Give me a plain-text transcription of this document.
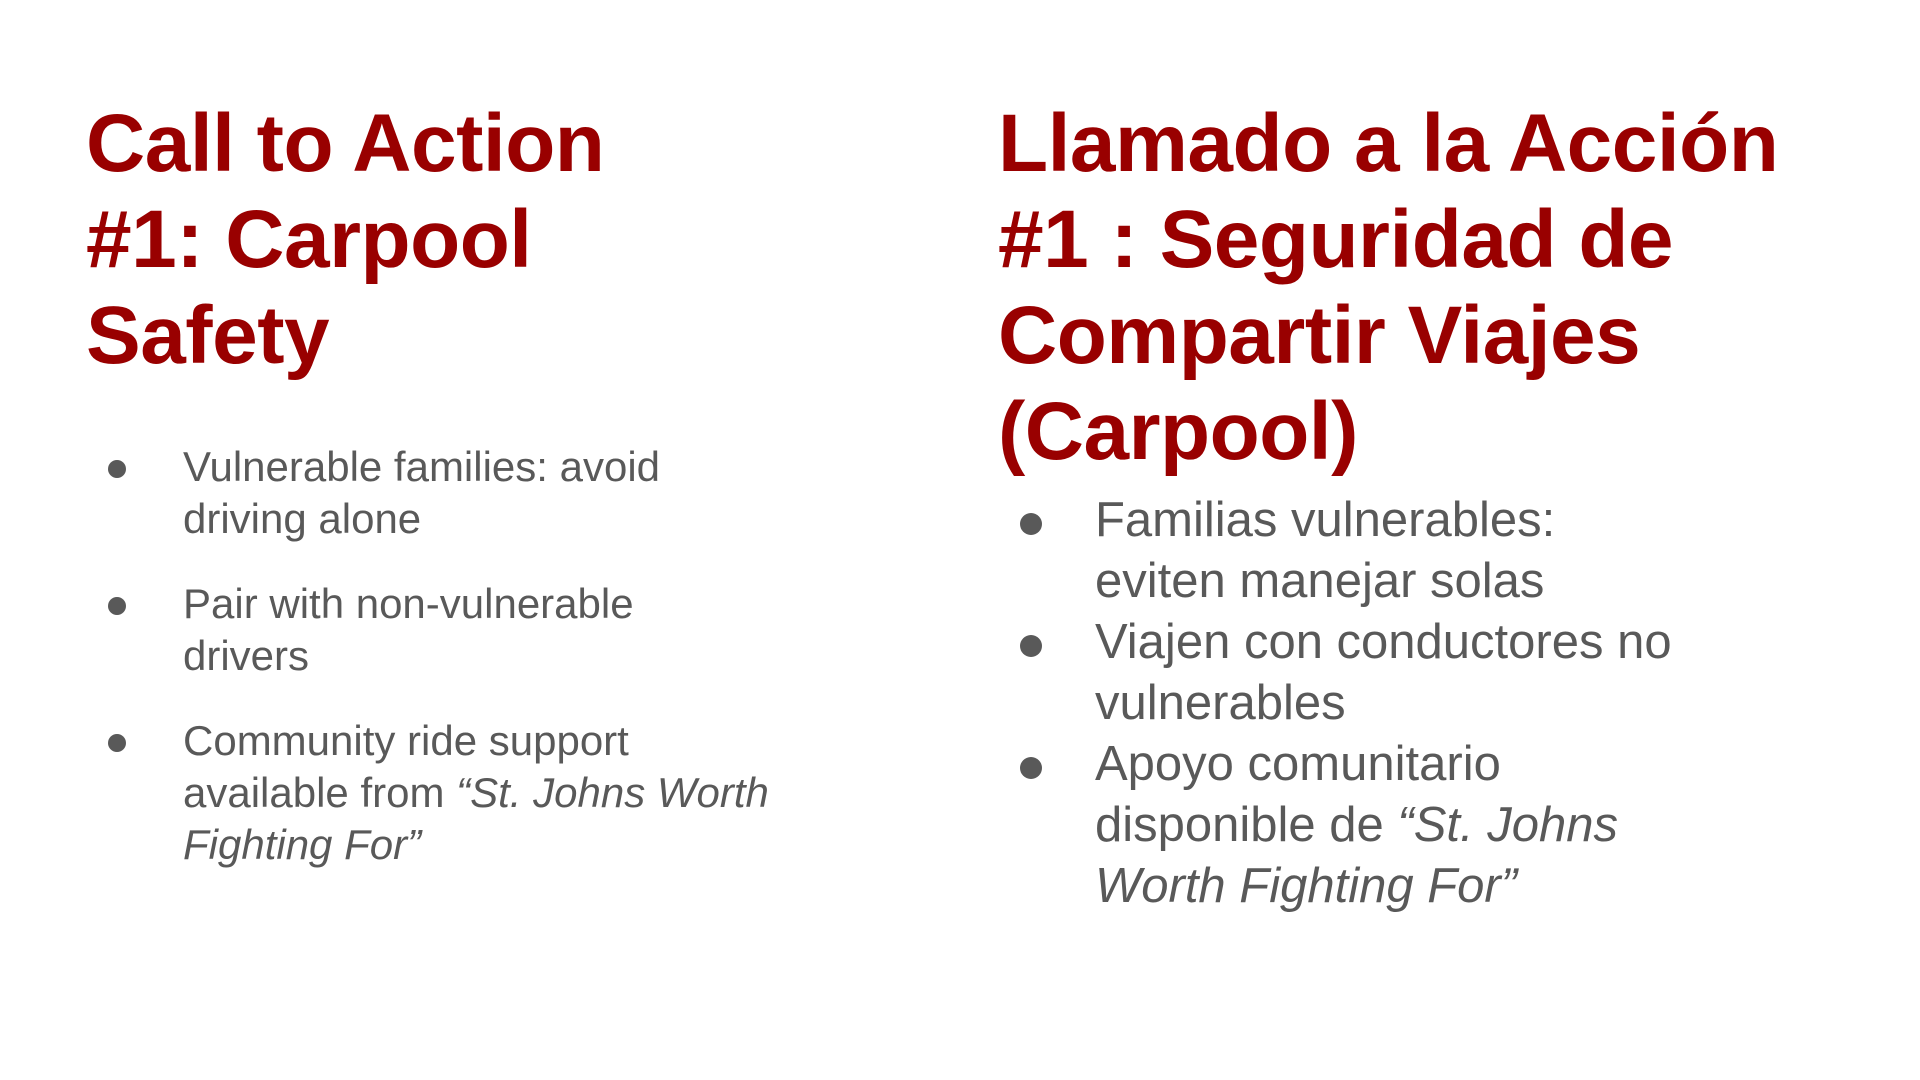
Call to Action
#1: Carpool
Safety
Vulnerable families: avoid
driving alone
Pair with non-vulnerable
drivers
Community ride support
available from “St. Johns Worth
Fighting For”
Llamado a la Acción
#1 : Seguridad de
Compartir Viajes
(Carpool)
Familias vulnerables:
eviten manejar solas
Viajen con conductores no
vulnerables
Apoyo comunitario
disponible de “St. Johns
Worth Fighting For”
